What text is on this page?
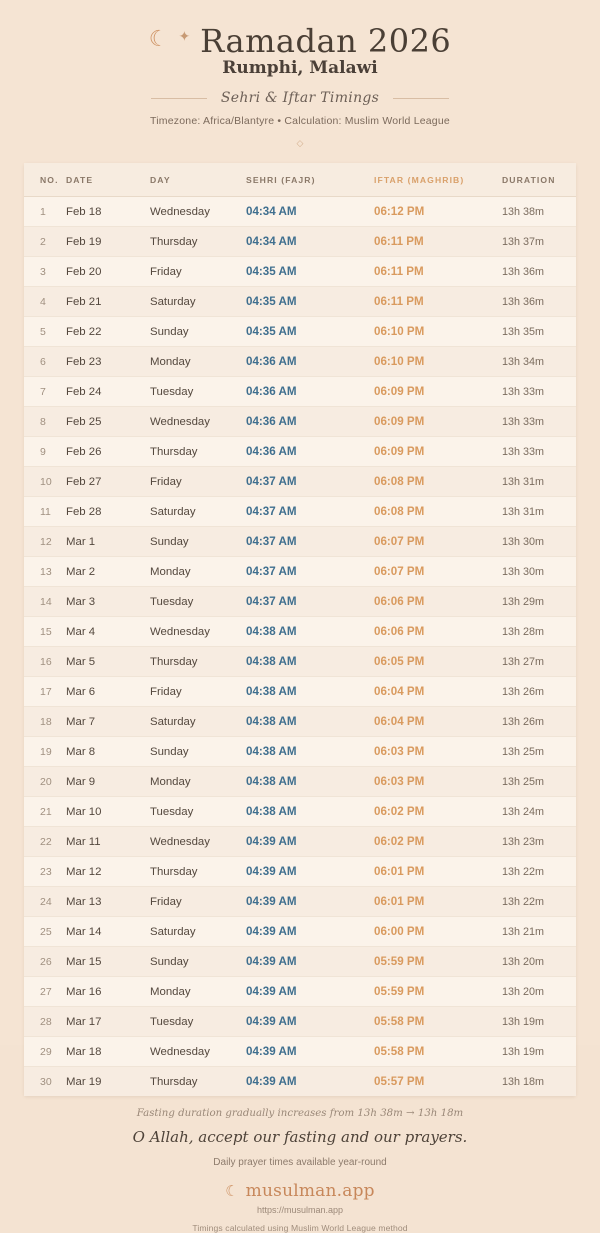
☾ ✦ Ramadan 2026
Rumphi, Malawi
Sehri & Iftar Timings
Timezone: Africa/Blantyre • Calculation: Muslim World League
◇
NO.	DATE	DAY	SEHRI (FAJR)	IFTAR (MAGHRIB)	DURATION
1	Feb 18	Wednesday	04:34 AM	06:12 PM	13h 38m
2	Feb 19	Thursday	04:34 AM	06:11 PM	13h 37m
3	Feb 20	Friday	04:35 AM	06:11 PM	13h 36m
4	Feb 21	Saturday	04:35 AM	06:11 PM	13h 36m
5	Feb 22	Sunday	04:35 AM	06:10 PM	13h 35m
6	Feb 23	Monday	04:36 AM	06:10 PM	13h 34m
7	Feb 24	Tuesday	04:36 AM	06:09 PM	13h 33m
8	Feb 25	Wednesday	04:36 AM	06:09 PM	13h 33m
9	Feb 26	Thursday	04:36 AM	06:09 PM	13h 33m
10	Feb 27	Friday	04:37 AM	06:08 PM	13h 31m
11	Feb 28	Saturday	04:37 AM	06:08 PM	13h 31m
12	Mar 1	Sunday	04:37 AM	06:07 PM	13h 30m
13	Mar 2	Monday	04:37 AM	06:07 PM	13h 30m
14	Mar 3	Tuesday	04:37 AM	06:06 PM	13h 29m
15	Mar 4	Wednesday	04:38 AM	06:06 PM	13h 28m
16	Mar 5	Thursday	04:38 AM	06:05 PM	13h 27m
17	Mar 6	Friday	04:38 AM	06:04 PM	13h 26m
18	Mar 7	Saturday	04:38 AM	06:04 PM	13h 26m
19	Mar 8	Sunday	04:38 AM	06:03 PM	13h 25m
20	Mar 9	Monday	04:38 AM	06:03 PM	13h 25m
21	Mar 10	Tuesday	04:38 AM	06:02 PM	13h 24m
22	Mar 11	Wednesday	04:39 AM	06:02 PM	13h 23m
23	Mar 12	Thursday	04:39 AM	06:01 PM	13h 22m
24	Mar 13	Friday	04:39 AM	06:01 PM	13h 22m
25	Mar 14	Saturday	04:39 AM	06:00 PM	13h 21m
26	Mar 15	Sunday	04:39 AM	05:59 PM	13h 20m
27	Mar 16	Monday	04:39 AM	05:59 PM	13h 20m
28	Mar 17	Tuesday	04:39 AM	05:58 PM	13h 19m
29	Mar 18	Wednesday	04:39 AM	05:58 PM	13h 19m
30	Mar 19	Thursday	04:39 AM	05:57 PM	13h 18m
Fasting duration gradually increases from 13h 38m → 13h 18m
O Allah, accept our fasting and our prayers.
Daily prayer times available year-round
☾ musulman.app
https://musulman.app
Timings calculated using Muslim World League method
